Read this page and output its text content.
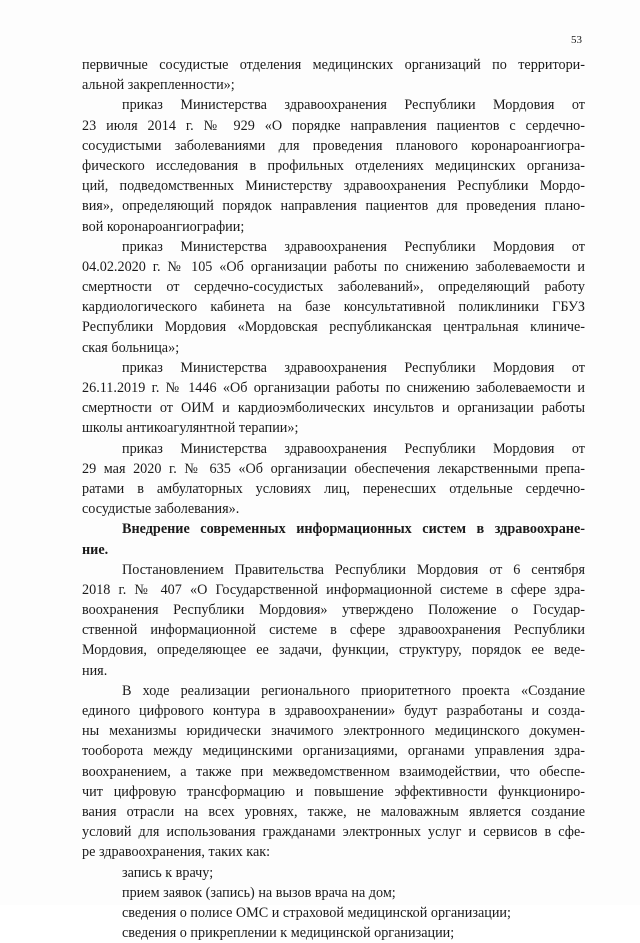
53
первичные сосудистые отделения медицинских организаций по территори-
альной закрепленности»;
приказ Министерства здравоохранения Республики Мордовия от
23 июля 2014 г. № 929 «О порядке направления пациентов с сердечно-
сосудистыми заболеваниями для проведения планового коронароангиогра-
фического исследования в профильных отделениях медицинских организа-
ций, подведомственных Министерству здравоохранения Республики Мордо-
вия», определяющий порядок направления пациентов для проведения плано-
вой коронароангиографии;
приказ Министерства здравоохранения Республики Мордовия от
04.02.2020 г. № 105 «Об организации работы по снижению заболеваемости и
смертности от сердечно-сосудистых заболеваний», определяющий работу
кардиологического кабинета на базе консультативной поликлиники ГБУЗ
Республики Мордовия «Мордовская республиканская центральная клиниче-
ская больница»;
приказ Министерства здравоохранения Республики Мордовия от
26.11.2019 г. № 1446 «Об организации работы по снижению заболеваемости и
смертности от ОИМ и кардиоэмболических инсультов и организации работы
школы антикоагулянтной терапии»;
приказ Министерства здравоохранения Республики Мордовия от
29 мая 2020 г. № 635 «Об организации обеспечения лекарственными препа-
ратами в амбулаторных условиях лиц, перенесших отдельные сердечно-
сосудистые заболевания».
Внедрение современных информационных систем в здравоохране-
ние.
Постановлением Правительства Республики Мордовия от 6 сентября
2018 г. № 407 «О Государственной информационной системе в сфере здра-
воохранения Республики Мордовия» утверждено Положение о Государ-
ственной информационной системе в сфере здравоохранения Республики
Мордовия, определяющее ее задачи, функции, структуру, порядок ее веде-
ния.
В ходе реализации регионального приоритетного проекта «Создание
единого цифрового контура в здравоохранении» будут разработаны и созда-
ны механизмы юридически значимого электронного медицинского докумен-
тооборота между медицинскими организациями, органами управления здра-
воохранением, а также при межведомственном взаимодействии, что обеспе-
чит цифровую трансформацию и повышение эффективности функциониро-
вания отрасли на всех уровнях, также, не маловажным является создание
условий для использования гражданами электронных услуг и сервисов в сфе-
ре здравоохранения, таких как:
запись к врачу;
прием заявок (запись) на вызов врача на дом;
сведения о полисе ОМС и страховой медицинской организации;
сведения о прикреплении к медицинской организации;
